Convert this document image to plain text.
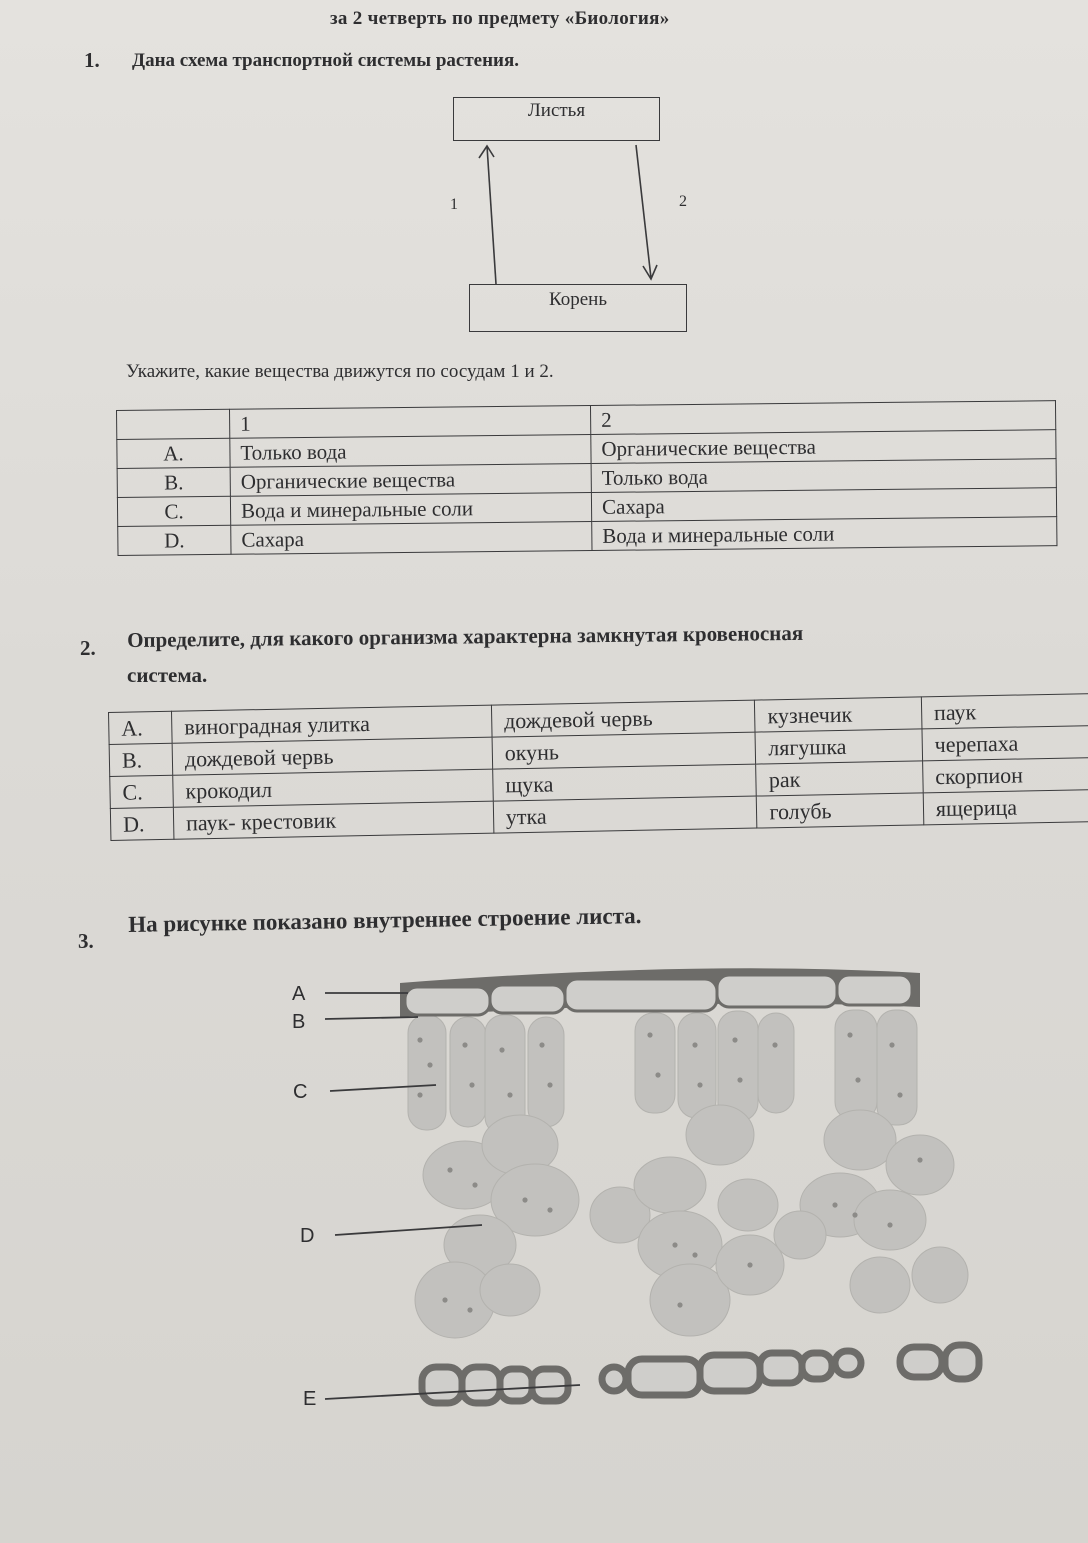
за 2 четверть по предмету «Биология»
1. Дана схема транспортной системы растения.
Листья
Корень
1	2
Укажите, какие вещества движутся по сосудам 1 и 2.
	1	2
A.	Только вода	Органические вещества
B.	Органические вещества	Только вода
C.	Вода и минеральные соли	Сахара
D.	Сахара	Вода и минеральные соли
2. Определите, для какого организма характерна замкнутая кровеносная
система.
A.	виноградная улитка	дождевой червь	кузнечик	паук
B.	дождевой червь	окунь	лягушка	черепаха
C.	крокодил	щука	рак	скорпион
D.	паук- крестовик	утка	голубь	ящерица
3.
На рисунке показано внутреннее строение листа.
A
B
C
D
E
